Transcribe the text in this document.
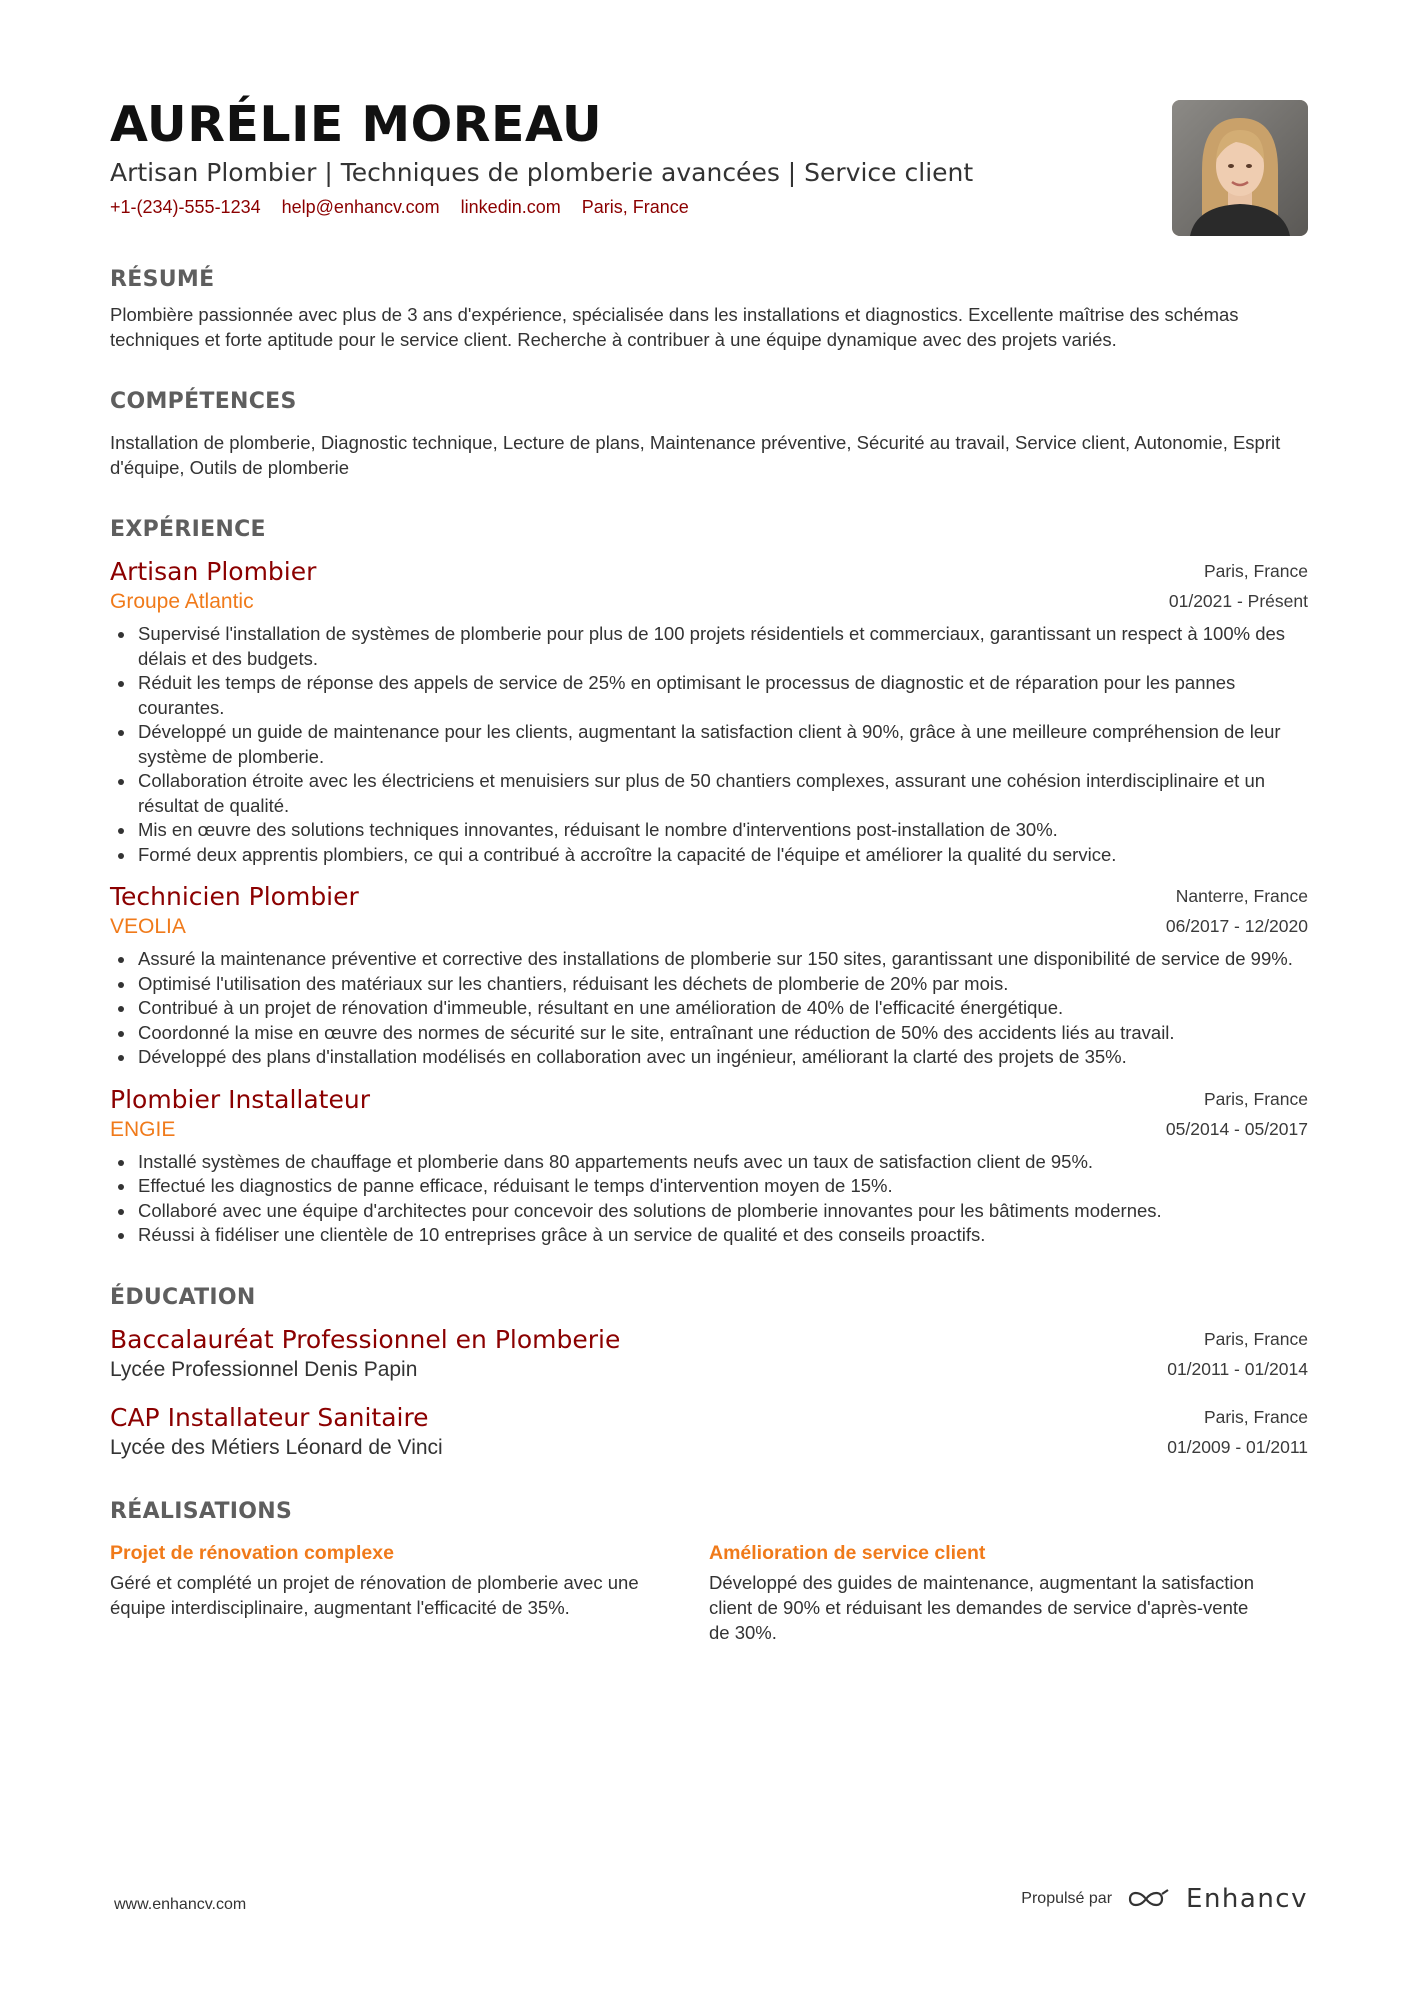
AURÉLIE MOREAU
Artisan Plombier | Techniques de plomberie avancées | Service client
+1-(234)-555-1234 help@enhancv.com linkedin.com Paris, France
RÉSUMÉ
Plombière passionnée avec plus de 3 ans d'expérience, spécialisée dans les installations et diagnostics. Excellente maîtrise des schémas techniques et forte aptitude pour le service client. Recherche à contribuer à une équipe dynamique avec des projets variés.
COMPÉTENCES
Installation de plomberie, Diagnostic technique, Lecture de plans, Maintenance préventive, Sécurité au travail, Service client, Autonomie, Esprit d'équipe, Outils de plomberie
EXPÉRIENCE
Artisan Plombier
Groupe Atlantic
Paris, France
01/2021 - Présent
Supervisé l'installation de systèmes de plomberie pour plus de 100 projets résidentiels et commerciaux, garantissant un respect à 100% des délais et des budgets.
Réduit les temps de réponse des appels de service de 25% en optimisant le processus de diagnostic et de réparation pour les pannes courantes.
Développé un guide de maintenance pour les clients, augmentant la satisfaction client à 90%, grâce à une meilleure compréhension de leur système de plomberie.
Collaboration étroite avec les électriciens et menuisiers sur plus de 50 chantiers complexes, assurant une cohésion interdisciplinaire et un résultat de qualité.
Mis en œuvre des solutions techniques innovantes, réduisant le nombre d'interventions post-installation de 30%.
Formé deux apprentis plombiers, ce qui a contribué à accroître la capacité de l'équipe et améliorer la qualité du service.
Technicien Plombier
VEOLIA
Nanterre, France
06/2017 - 12/2020
Assuré la maintenance préventive et corrective des installations de plomberie sur 150 sites, garantissant une disponibilité de service de 99%.
Optimisé l'utilisation des matériaux sur les chantiers, réduisant les déchets de plomberie de 20% par mois.
Contribué à un projet de rénovation d'immeuble, résultant en une amélioration de 40% de l'efficacité énergétique.
Coordonné la mise en œuvre des normes de sécurité sur le site, entraînant une réduction de 50% des accidents liés au travail.
Développé des plans d'installation modélisés en collaboration avec un ingénieur, améliorant la clarté des projets de 35%.
Plombier Installateur
ENGIE
Paris, France
05/2014 - 05/2017
Installé systèmes de chauffage et plomberie dans 80 appartements neufs avec un taux de satisfaction client de 95%.
Effectué les diagnostics de panne efficace, réduisant le temps d'intervention moyen de 15%.
Collaboré avec une équipe d'architectes pour concevoir des solutions de plomberie innovantes pour les bâtiments modernes.
Réussi à fidéliser une clientèle de 10 entreprises grâce à un service de qualité et des conseils proactifs.
ÉDUCATION
Baccalauréat Professionnel en Plomberie
Lycée Professionnel Denis Papin
Paris, France
01/2011 - 01/2014
CAP Installateur Sanitaire
Lycée des Métiers Léonard de Vinci
Paris, France
01/2009 - 01/2011
RÉALISATIONS
Projet de rénovation complexe
Géré et complété un projet de rénovation de plomberie avec une équipe interdisciplinaire, augmentant l'efficacité de 35%.
Amélioration de service client
Développé des guides de maintenance, augmentant la satisfaction client de 90% et réduisant les demandes de service d'après-vente de 30%.
www.enhancv.com	Propulsé par	Enhancv
